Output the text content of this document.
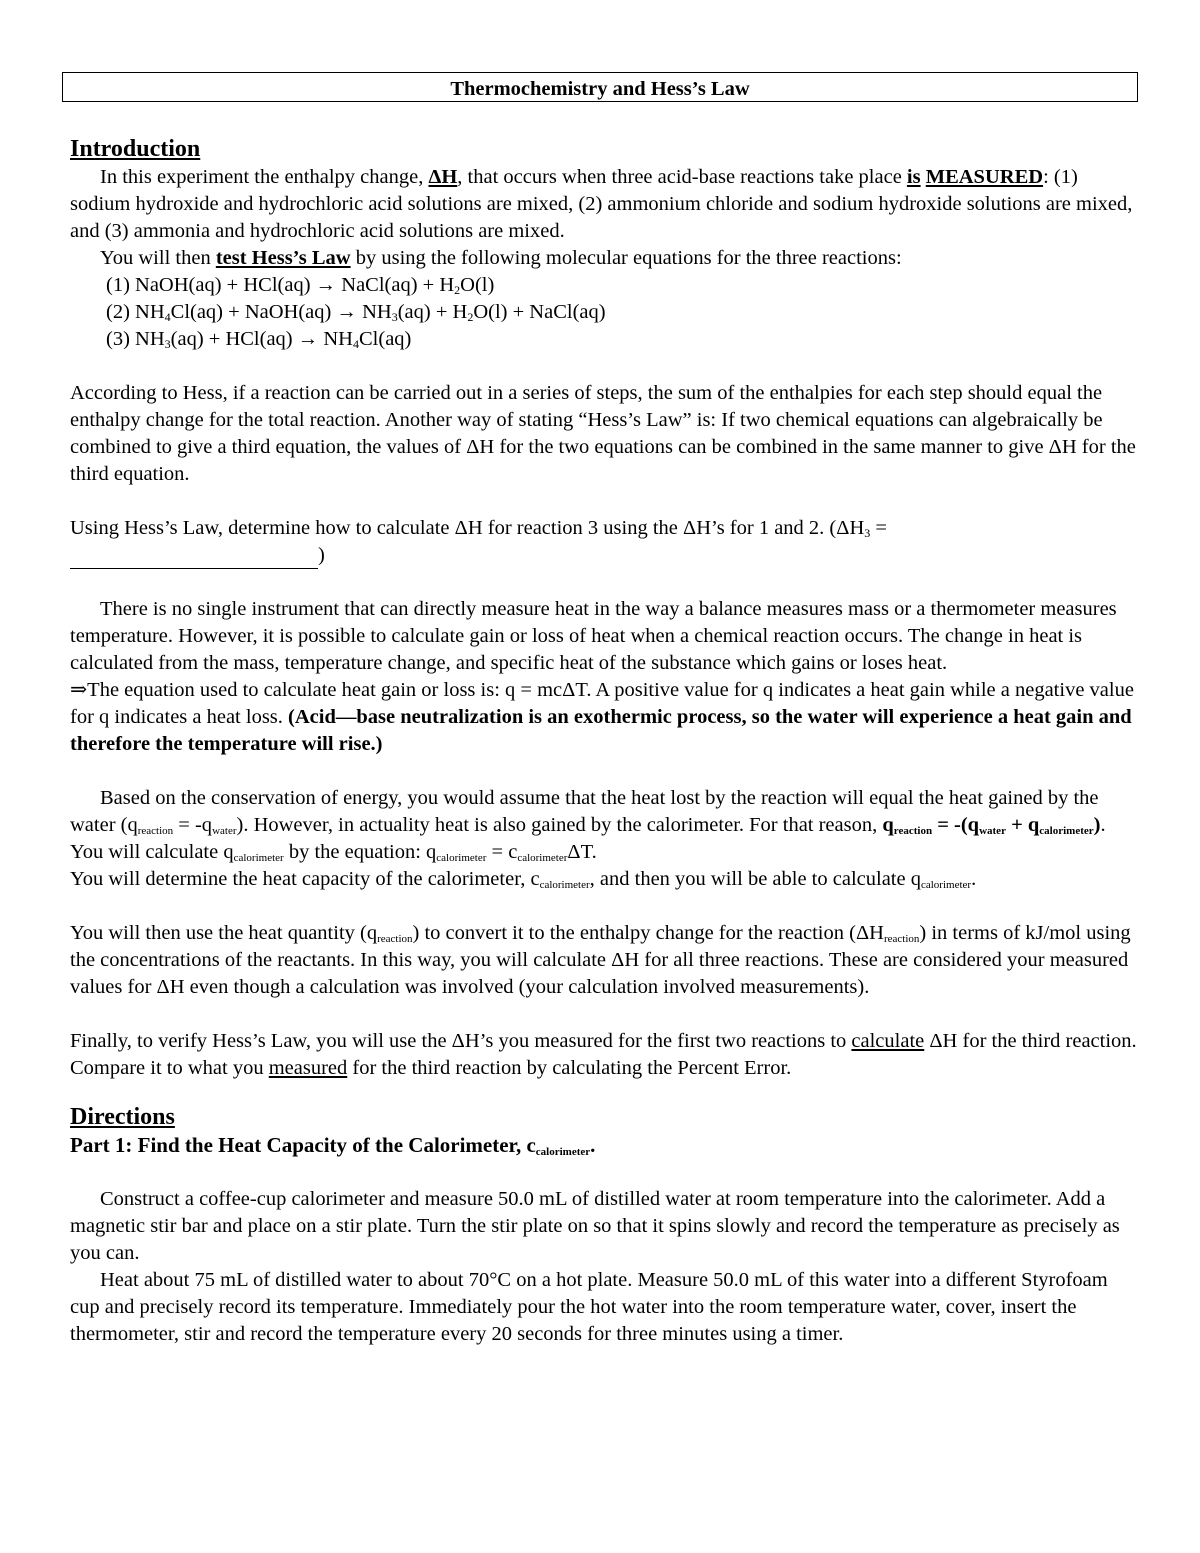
Thermochemistry and Hess’s Law
Introduction

In this experiment the enthalpy change, ΔH, that occurs when three acid-base reactions take place is MEASURED: (1) sodium hydroxide and hydrochloric acid solutions are mixed, (2) ammonium chloride and sodium hydroxide solutions are mixed, and (3) ammonia and hydrochloric acid solutions are mixed.

You will then test Hess’s Law by using the following molecular equations for the three reactions:

(1) NaOH(aq) + HCl(aq) → NaCl(aq) + $H_2O(l)$

(2) $NH_4Cl(aq)$ + NaOH(aq) → $NH_3(aq) + H_2O(l)$ + NaCl(aq)

(3) $NH_3(aq) + HCl(aq) \to NH_4Cl(aq)$

According to Hess, if a reaction can be carried out in a series of steps, the sum of the enthalpies for each step should equal the enthalpy change for the total reaction. Another way of stating “Hess’s Law” is: If two chemical equations can algebraically be combined to give a third equation, the values of ΔH for the two equations can be combined in the same manner to give ΔH for the third equation.

Using Hess’s Law, determine how to calculate ΔH for reaction 3 using the ΔH’s for 1 and 2. ($\Delta H_3$ =
)

There is no single instrument that can directly measure heat in the way a balance measures mass or a thermometer measures temperature. However, it is possible to calculate gain or loss of heat when a chemical reaction occurs. The change in heat is calculated from the mass, temperature change, and specific heat of the substance which gains or loses heat.

⇒The equation used to calculate heat gain or loss is: q = mcΔT. A positive value for q indicates a heat gain while a negative value for q indicates a heat loss. (Acid—base neutralization is an exothermic process, so the water will experience a heat gain and therefore the temperature will rise.)

Based on the conservation of energy, you would assume that the heat lost by the reaction will equal the heat gained by the water $(q_{reaction} = -q_{water})$. However, in actuality heat is also gained by the calorimeter. For that reason, $q_{reaction} = -(q_{water} + q_{calorimeter})$. You will calculate $q_{calorimeter}$ by the equation: $q_{calorimeter} = c_{calorimeter}\Delta T$.

You will determine the heat capacity of the calorimeter, $c_{calorimeter}$, and then you will be able to calculate $q_{calorimeter}$.

You will then use the heat quantity $(q_{reaction})$ to convert it to the enthalpy change for the reaction $(\Delta H_{reaction})$ in terms of kJ/mol using the concentrations of the reactants. In this way, you will calculate ΔH for all three reactions. These are considered your measured values for ΔH even though a calculation was involved (your calculation involved measurements).

Finally, to verify Hess’s Law, you will use the ΔH’s you measured for the first two reactions to calculate ΔH for the third reaction. Compare it to what you measured for the third reaction by calculating the Percent Error.

Directions

Part 1: Find the Heat Capacity of the Calorimeter, $c_{calorimeter}$.

Construct a coffee-cup calorimeter and measure 50.0 mL of distilled water at room temperature into the calorimeter. Add a magnetic stir bar and place on a stir plate. Turn the stir plate on so that it spins slowly and record the temperature as precisely as you can.

Heat about 75 mL of distilled water to about 70°C on a hot plate. Measure 50.0 mL of this water into a different Styrofoam cup and precisely record its temperature. Immediately pour the hot water into the room temperature water, cover, insert the thermometer, stir and record the temperature every 20 seconds for three minutes using a timer.
